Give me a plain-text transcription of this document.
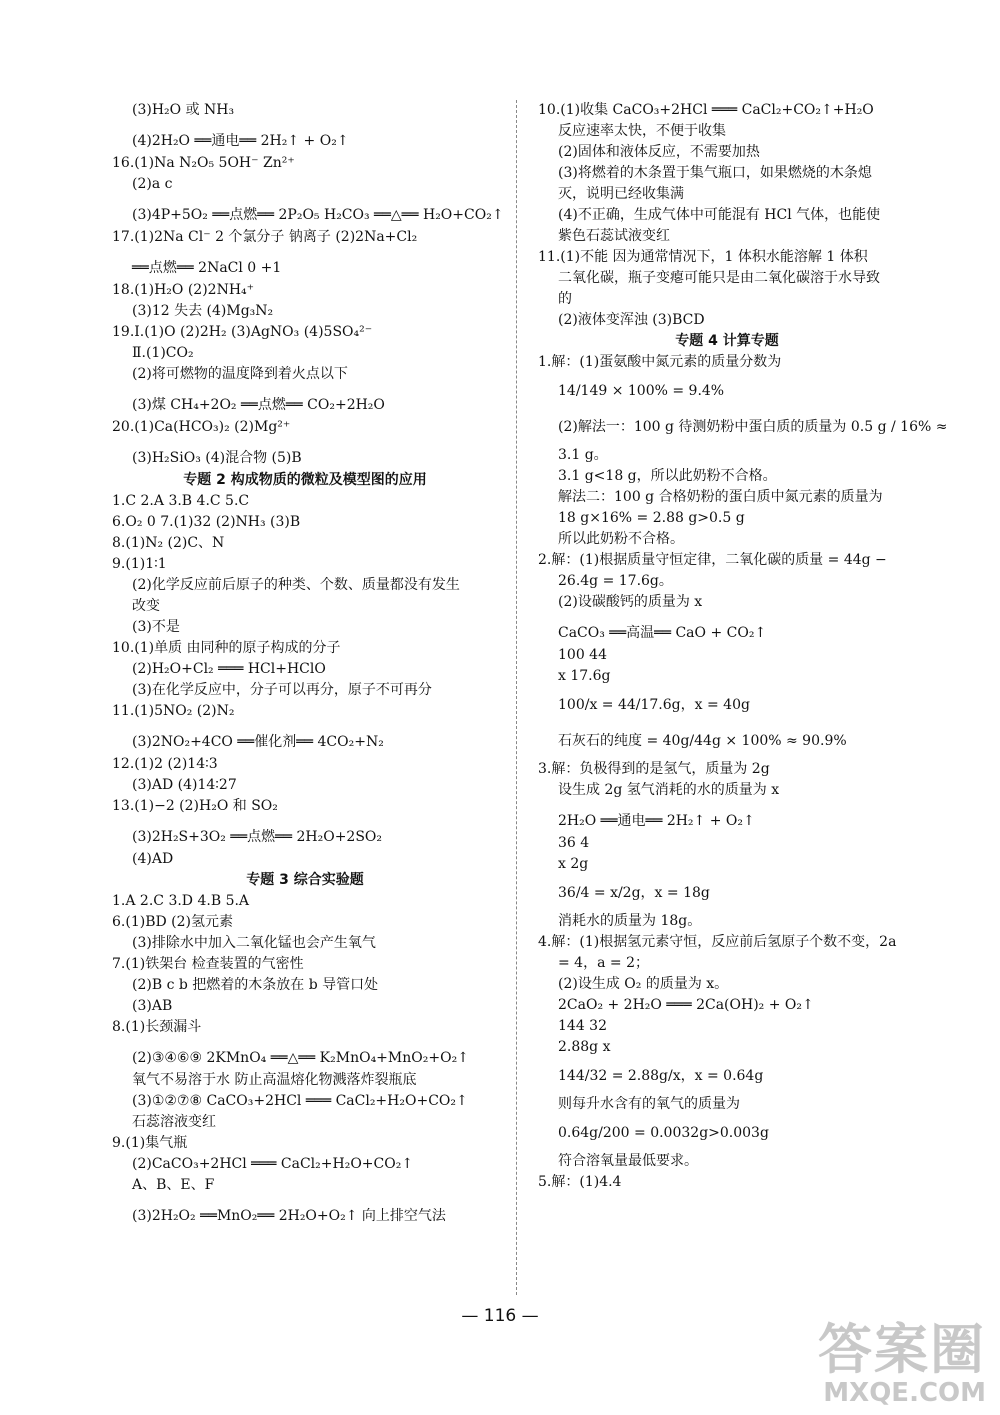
(3)H₂O 或 NH₃
(4)2H₂O ══通电══ 2H₂↑ + O₂↑
16.(1)Na N₂O₅ 5OH⁻ Zn²⁺
(2)a c
(3)4P+5O₂ ══点燃══ 2P₂O₅ H₂CO₃ ══△══ H₂O+CO₂↑
17.(1)2Na Cl⁻ 2 个氯分子 钠离子 (2)2Na+Cl₂
══点燃══ 2NaCl 0 +1
18.(1)H₂O (2)2NH₄⁺
(3)12 失去 (4)Mg₃N₂
19.Ⅰ.(1)O (2)2H₂ (3)AgNO₃ (4)5SO₄²⁻
Ⅱ.(1)CO₂
(2)将可燃物的温度降到着火点以下
(3)煤 CH₄+2O₂ ══点燃══ CO₂+2H₂O
20.(1)Ca(HCO₃)₂ (2)Mg²⁺
(3)H₂SiO₃ (4)混合物 (5)B
专题 2 构成物质的微粒及模型图的应用
1.C 2.A 3.B 4.C 5.C
6.O₂ 0 7.(1)32 (2)NH₃ (3)B
8.(1)N₂ (2)C、N
9.(1)1∶1
(2)化学反应前后原子的种类、个数、质量都没有发生
改变
(3)不是
10.(1)单质 由同种的原子构成的分子
(2)H₂O+Cl₂ ═══ HCl+HClO
(3)在化学反应中，分子可以再分，原子不可再分
11.(1)5NO₂ (2)N₂
(3)2NO₂+4CO ══催化剂══ 4CO₂+N₂
12.(1)2 (2)14∶3
(3)AD (4)14∶27
13.(1)−2 (2)H₂O 和 SO₂
(3)2H₂S+3O₂ ══点燃══ 2H₂O+2SO₂
(4)AD
专题 3 综合实验题
1.A 2.C 3.D 4.B 5.A
6.(1)BD (2)氢元素
(3)排除水中加入二氧化锰也会产生氧气
7.(1)铁架台 检查装置的气密性
(2)B c b 把燃着的木条放在 b 导管口处
(3)AB
8.(1)长颈漏斗
(2)③④⑥⑨ 2KMnO₄ ══△══ K₂MnO₄+MnO₂+O₂↑
氧气不易溶于水 防止高温熔化物溅落炸裂瓶底
(3)①②⑦⑧ CaCO₃+2HCl ═══ CaCl₂+H₂O+CO₂↑
石蕊溶液变红
9.(1)集气瓶
(2)CaCO₃+2HCl ═══ CaCl₂+H₂O+CO₂↑
A、B、E、F
(3)2H₂O₂ ══MnO₂══ 2H₂O+O₂↑ 向上排空气法
10.(1)收集 CaCO₃+2HCl ═══ CaCl₂+CO₂↑+H₂O
反应速率太快，不便于收集
(2)固体和液体反应，不需要加热
(3)将燃着的木条置于集气瓶口，如果燃烧的木条熄
灭，说明已经收集满
(4)不正确，生成气体中可能混有 HCl 气体，也能使
紫色石蕊试液变红
11.(1)不能 因为通常情况下，1 体积水能溶解 1 体积
二氧化碳，瓶子变瘪可能只是由二氧化碳溶于水导致
的
(2)液体变浑浊 (3)BCD
专题 4 计算专题
1.解：(1)蛋氨酸中氮元素的质量分数为
14/149 × 100% = 9.4%
(2)解法一：100 g 待测奶粉中蛋白质的质量为 0.5 g / 16% ≈
3.1 g。
3.1 g<18 g，所以此奶粉不合格。
解法二：100 g 合格奶粉的蛋白质中氮元素的质量为
18 g×16% = 2.88 g>0.5 g
所以此奶粉不合格。
2.解：(1)根据质量守恒定律，二氧化碳的质量 = 44g −
26.4g = 17.6g。
(2)设碳酸钙的质量为 x
CaCO₃ ══高温══ CaO + CO₂↑
100 44
x 17.6g
100/x = 44/17.6g，x = 40g
石灰石的纯度 = 40g/44g × 100% ≈ 90.9%
3.解：负极得到的是氢气，质量为 2g
设生成 2g 氢气消耗的水的质量为 x
2H₂O ══通电══ 2H₂↑ + O₂↑
36 4
x 2g
36/4 = x/2g，x = 18g
消耗水的质量为 18g。
4.解：(1)根据氢元素守恒，反应前后氢原子个数不变，2a
= 4，a = 2；
(2)设生成 O₂ 的质量为 x。
2CaO₂ + 2H₂O ═══ 2Ca(OH)₂ + O₂↑
144 32
2.88g x
144/32 = 2.88g/x，x = 0.64g
则每升水含有的氧气的质量为
0.64g/200 = 0.0032g>0.003g
符合溶氧量最低要求。
5.解：(1)4.4
— 116 —
答案圈
MXQE.COM
